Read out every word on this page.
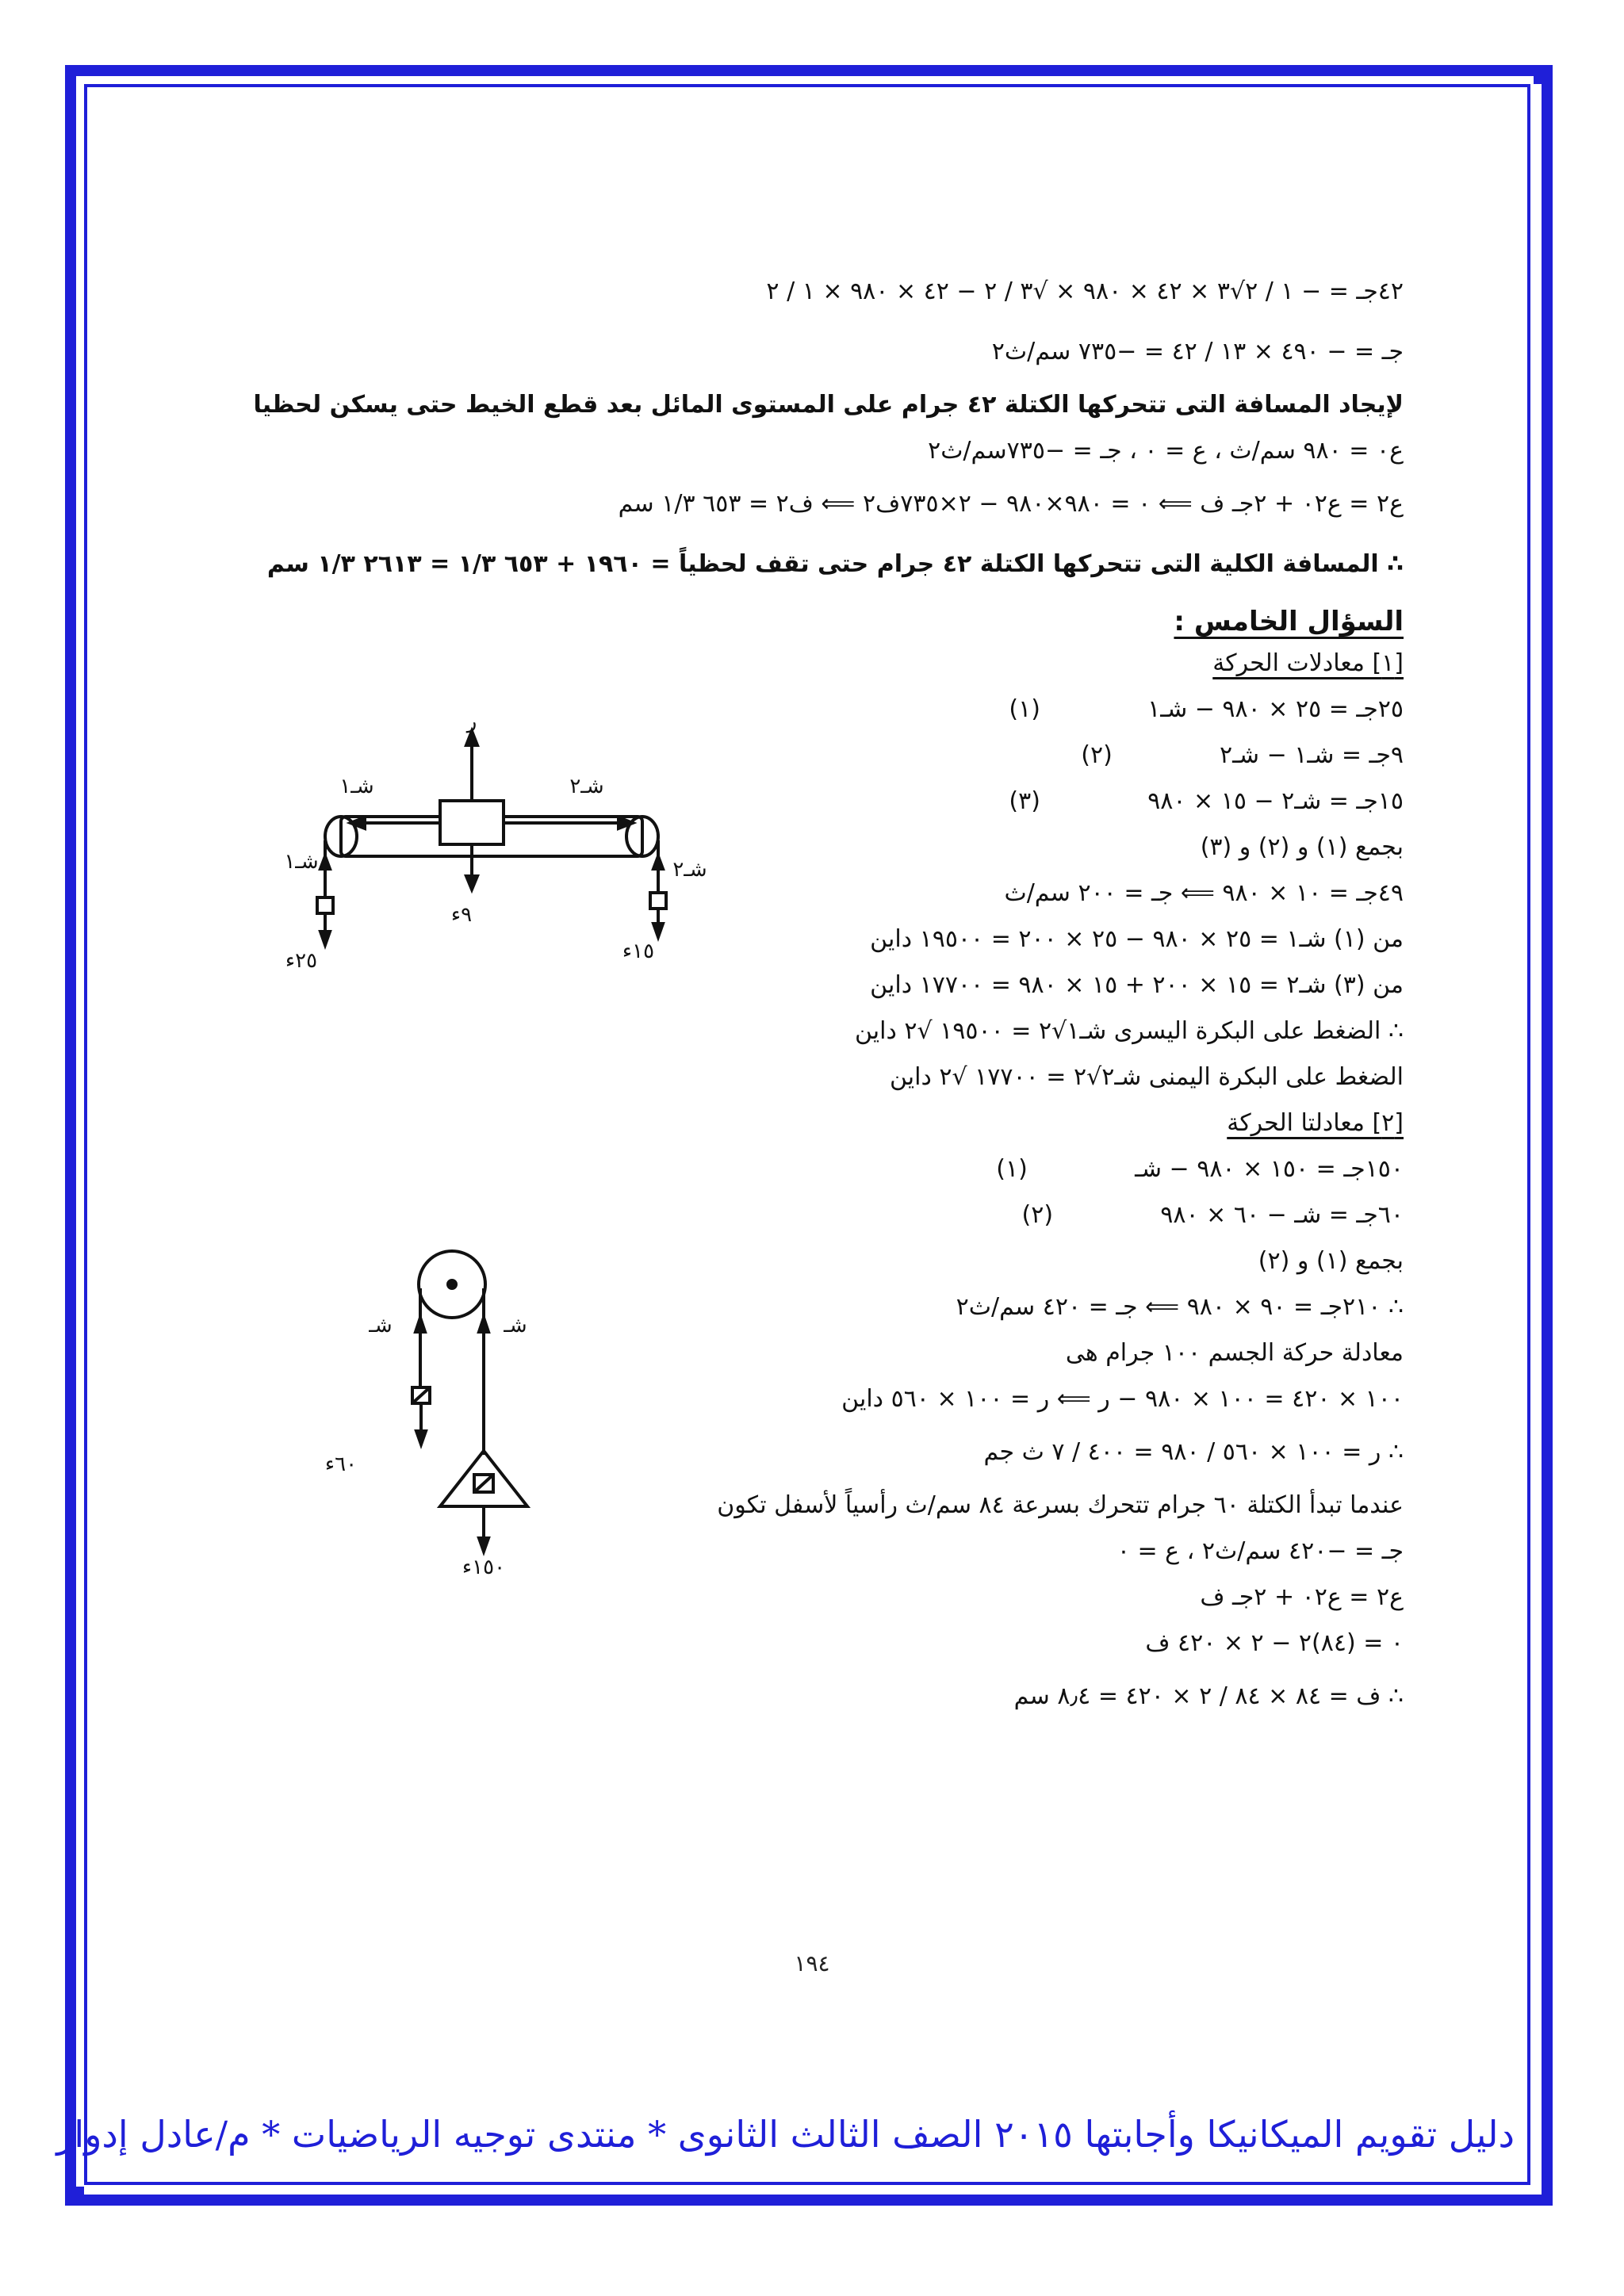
٤٢جـ = − ١ / ٢√٣ × ٤٢ × ٩٨٠ × √٣ / ٢ − ٤٢ × ٩٨٠ × ١ / ٢
جـ = − ٤٩٠ × ١٣ / ٤٢ = −٧٣٥ سم/ث٢
لإيجاد المسافة التى تتحركها الكتلة ٤٢ جرام على المستوى المائل بعد قطع الخيط حتى يسكن لحظيا
ع٠ = ٩٨٠ سم/ث ، ع = ٠ ، جـ = −٧٣٥سم/ث٢
ع٢ = ع٠٢ + ٢جـ ف ⟸ ٠ = ٩٨٠×٩٨٠ − ٢×٧٣٥ف٢ ⟸ ف٢ = ٦٥٣ ١/٣ سم
∴ المسافة الكلية التى تتحركها الكتلة ٤٢ جرام حتى تقف لحظياً = ١٩٦٠ + ٦٥٣ ١/٣ = ٢٦١٣ ١/٣ سم
السؤال الخامس :
[١] معادلات الحركة
٢٥جـ = ٢٥ × ٩٨٠ − شـ١
(١)
٩جـ = شـ١ − شـ٢
(٢)
١٥جـ = شـ٢ − ١٥ × ٩٨٠
(٣)
بجمع (١) و (٢) و (٣)
٤٩جـ = ١٠ × ٩٨٠ ⟸ جـ = ٢٠٠ سم/ث
من (١) شـ١ = ٢٥ × ٩٨٠ − ٢٥ × ٢٠٠ = ١٩٥٠٠ داين
من (٣) شـ٢ = ١٥ × ٢٠٠ + ١٥ × ٩٨٠ = ١٧٧٠٠ داين
∴ الضغط على البكرة اليسرى شـ١√٢ = ١٩٥٠٠ √٢ داين
الضغط على البكرة اليمنى شـ٢√٢ = ١٧٧٠٠ √٢ داين
[٢] معادلتا الحركة
١٥٠جـ = ١٥٠ × ٩٨٠ − شـ
(١)
٦٠جـ = شـ − ٦٠ × ٩٨٠
(٢)
بجمع (١) و (٢)
∴ ٢١٠جـ = ٩٠ × ٩٨٠ ⟸ جـ = ٤٢٠ سم/ث٢
معادلة حركة الجسم ١٠٠ جرام هى
١٠٠ × ٤٢٠ = ١٠٠ × ٩٨٠ − ر ⟸ ر = ١٠٠ × ٥٦٠ داين
∴ ر = ١٠٠ × ٥٦٠ / ٩٨٠ = ٤٠٠ / ٧ ث جم
عندما تبدأ الكتلة ٦٠ جرام تتحرك بسرعة ٨٤ سم/ث رأسياً لأسفل تكون
جـ = −٤٢٠ سم/ث٢ ، ع = ٠
ع٢ = ع٠٢ + ٢جـ ف
٠ = (٨٤)٢ − ٢ × ٤٢٠ ف
∴ ف = ٨٤ × ٨٤ / ٢ × ٤٢٠ = ٨٫٤ سم
شـ١	شـ٢
ر
شـ١	شـ٢
٢٥ء
٩ء
١٥ء
شـ	شـ
٦٠ء
١٥٠ء
١٩٤
دليل تقويم الميكانيكا وأجابتها ٢٠١٥ الصف الثالث الثانوى * منتدى توجيه الرياضيات * م/عادل إدوار
